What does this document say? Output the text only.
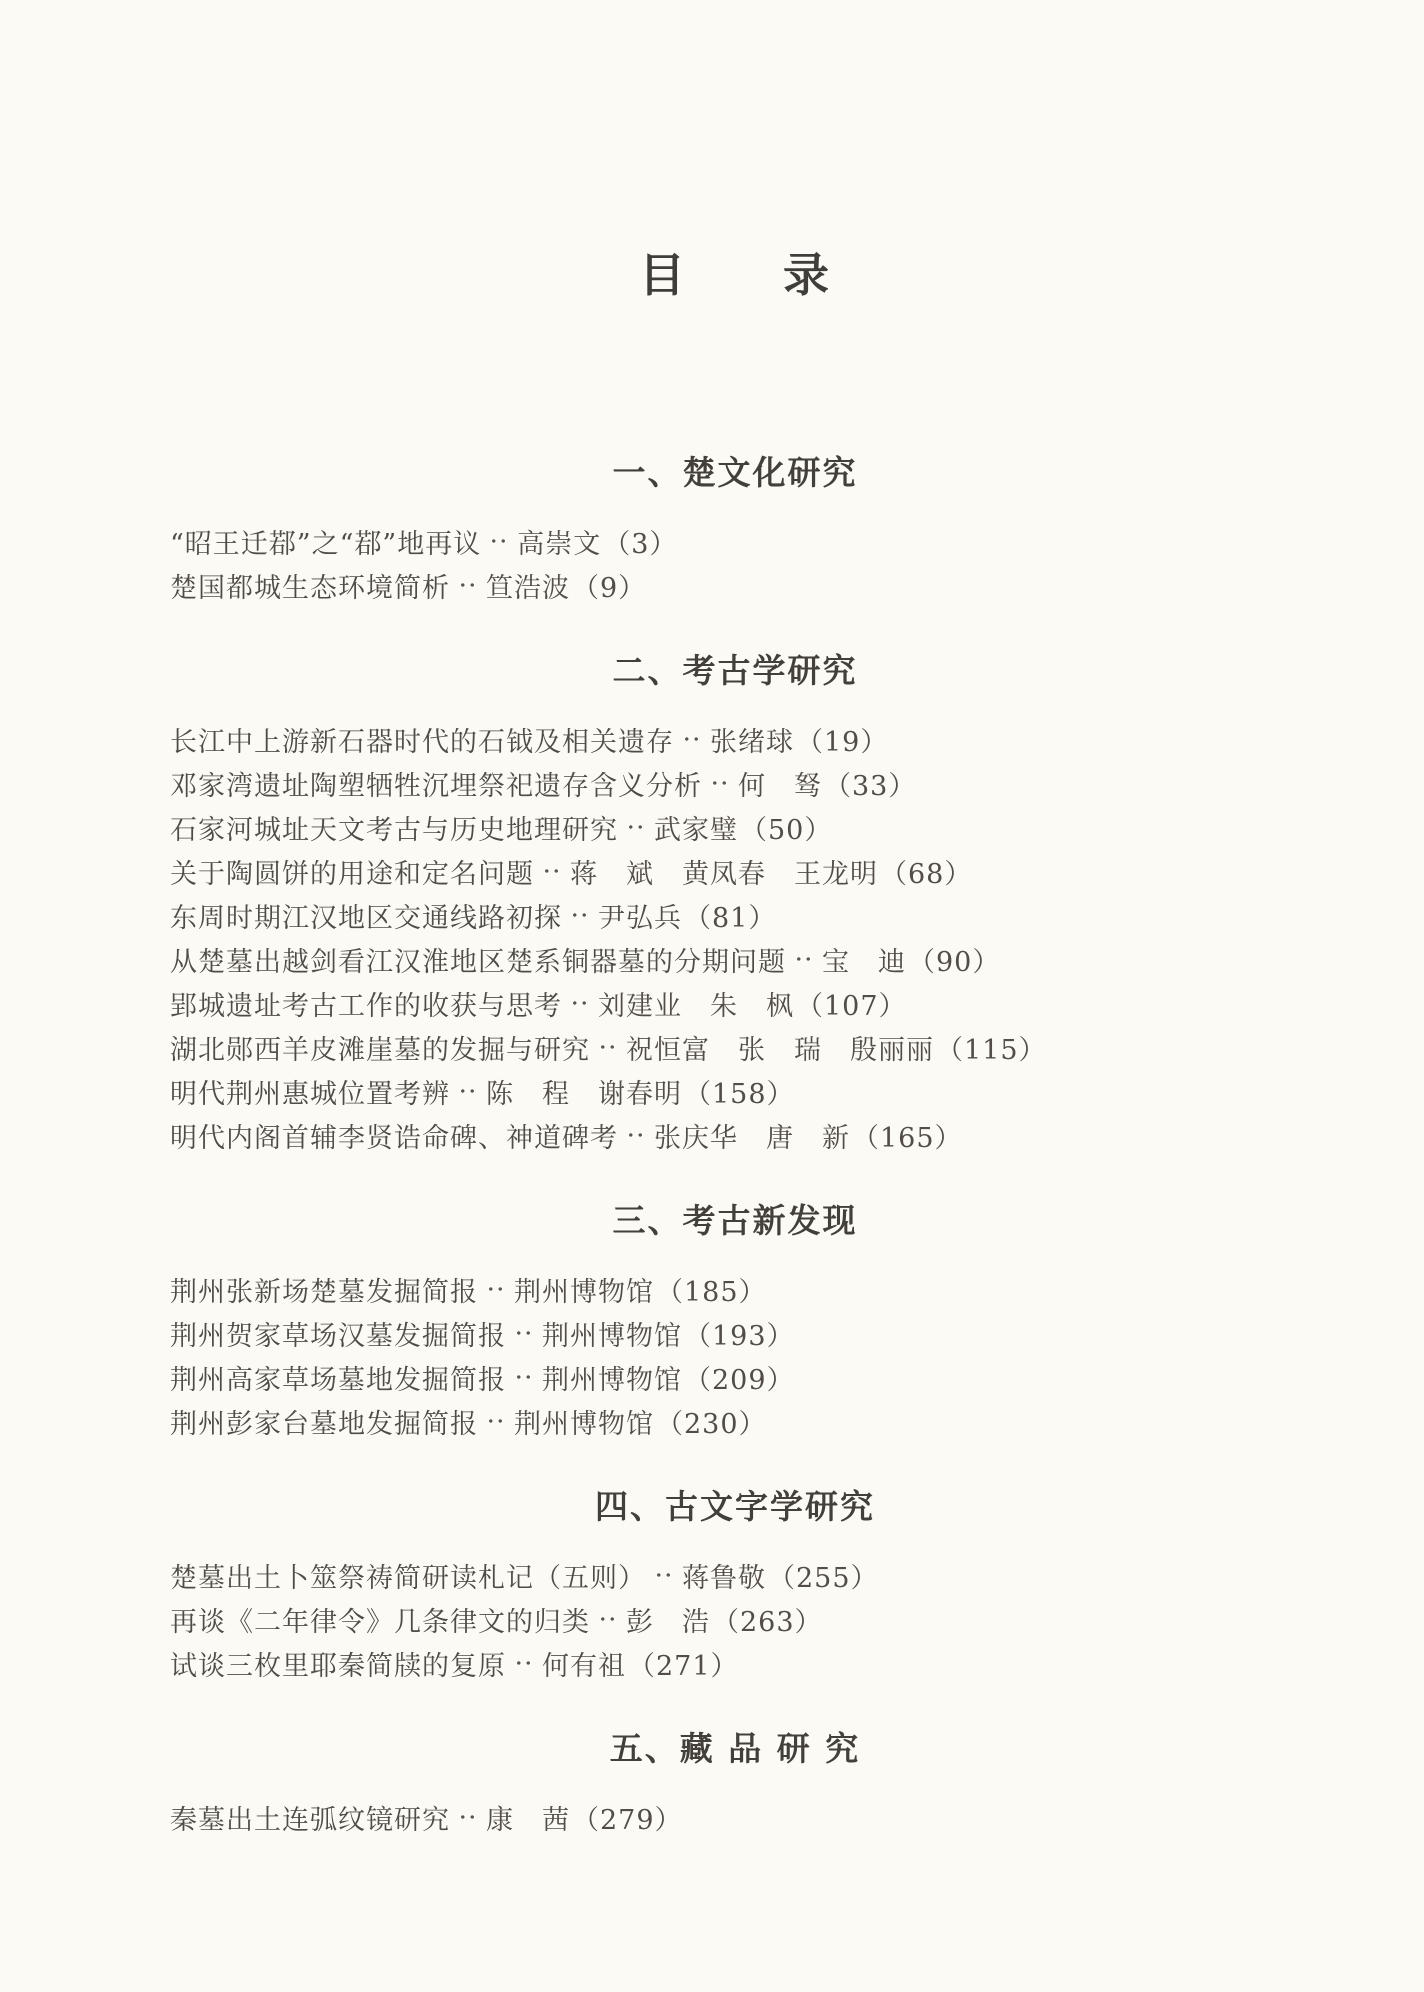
目　　录
一、楚文化研究
“昭王迁鄀”之“鄀”地再议 高崇文 （3）
楚国都城生态环境简析 笪浩波 （9）
二、考古学研究
长江中上游新石器时代的石钺及相关遗存 张绪球 （19）
邓家湾遗址陶塑牺牲沉埋祭祀遗存含义分析 何　驽 （33）
石家河城址天文考古与历史地理研究 武家璧 （50）
关于陶圆饼的用途和定名问题 蒋　斌　黄凤春　王龙明 （68）
东周时期江汉地区交通线路初探 尹弘兵 （81）
从楚墓出越剑看江汉淮地区楚系铜器墓的分期问题 宝　迪 （90）
郢城遗址考古工作的收获与思考 刘建业　朱　枫 （107）
湖北郧西羊皮滩崖墓的发掘与研究 祝恒富　张　瑞　殷丽丽 （115）
明代荆州惠城位置考辨 陈　程　谢春明 （158）
明代内阁首辅李贤诰命碑、神道碑考 张庆华　唐　新 （165）
三、考古新发现
荆州张新场楚墓发掘简报 荆州博物馆 （185）
荆州贺家草场汉墓发掘简报 荆州博物馆 （193）
荆州高家草场墓地发掘简报 荆州博物馆 （209）
荆州彭家台墓地发掘简报 荆州博物馆 （230）
四、古文字学研究
楚墓出土卜筮祭祷简研读札记（五则） 蒋鲁敬 （255）
再谈《二年律令》几条律文的归类 彭　浩 （263）
试谈三枚里耶秦简牍的复原 何有祖 （271）
五、藏 品 研 究
秦墓出土连弧纹镜研究 康　茜 （279）
